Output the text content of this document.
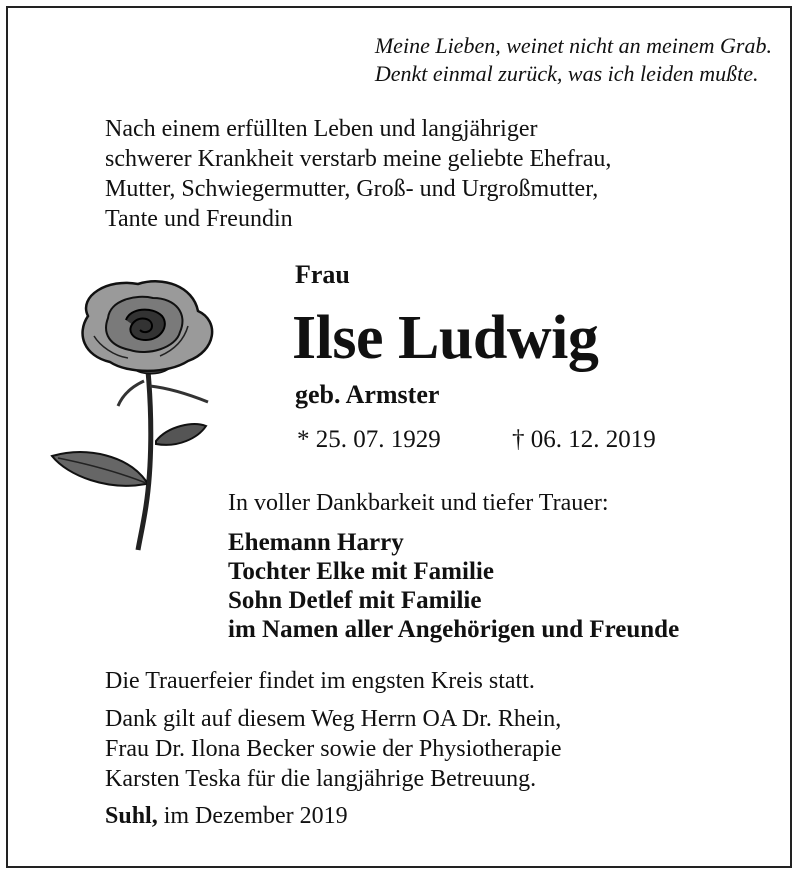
Meine Lieben, weinet nicht an meinem Grab.
Denkt einmal zurück, was ich leiden mußte.
Nach einem erfüllten Leben und langjähriger
schwerer Krankheit verstarb meine geliebte Ehefrau,
Mutter, Schwiegermutter, Groß- und Urgroßmutter,
Tante und Freundin
Frau
Ilse Ludwig
geb. Armster
* 25. 07. 1929	† 06. 12. 2019
In voller Dankbarkeit und tiefer Trauer:
Ehemann Harry
Tochter Elke mit Familie
Sohn Detlef mit Familie
im Namen aller Angehörigen und Freunde
Die Trauerfeier findet im engsten Kreis statt.
Dank gilt auf diesem Weg Herrn OA Dr. Rhein,
Frau Dr. Ilona Becker sowie der Physiotherapie
Karsten Teska für die langjährige Betreuung.
Suhl, im Dezember 2019
